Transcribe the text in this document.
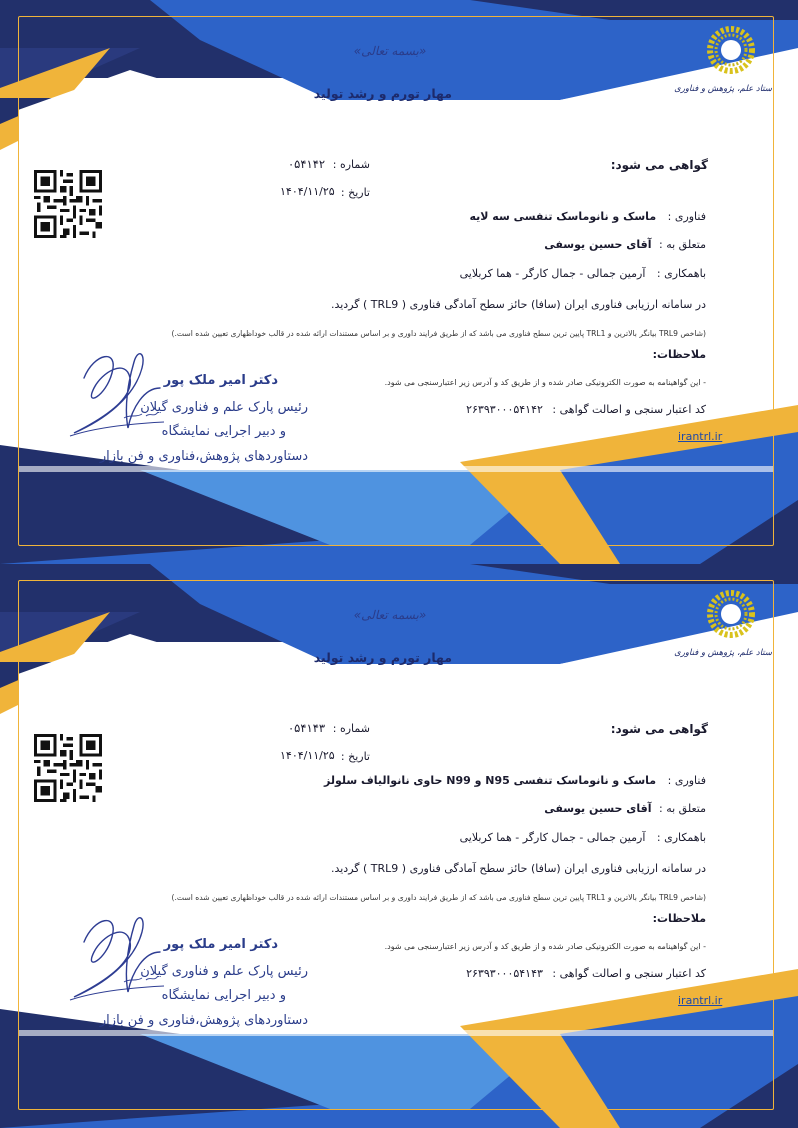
«بسمه تعالی»
مهار تورم و رشد تولید	ستاد علم، پژوهش و فناوری
شماره :
۰۵۴۱۴۲
تاریخ :
۱۴۰۴/۱۱/۲۵
گواهی می شود:
فناوری : ماسک و نانوماسک تنفسی سه لایه
متعلق به : آقای حسین یوسفی
باهمکاری : آرمین جمالی - جمال کارگر - هما کربلایی
در سامانه ارزیابی فناوری ایران (سافا) حائز سطح آمادگی فناوری ( TRL9 ) گردید.
(شاخص TRL9 بیانگر بالاترین و TRL1 پایین ترین سطح فناوری می باشد که از طریق فرایند داوری و بر اساس مستندات ارائه شده در قالب خوداظهاری تعیین شده است.)
ملاحظات:
- این گواهینامه به صورت الکترونیکی صادر شده و از طریق کد و آدرس زیر اعتبارسنجی می شود.
کد اعتبار سنجی و اصالت گواهی : ۲۶۳۹۳۰۰۰۵۴۱۴۲
irantrl.ir
دکتر امیر ملک پور
رئیس پارک علم و فناوری گیلان
و دبیر اجرایی نمایشگاه
دستاوردهای پژوهش،فناوری و فن بازار
«بسمه تعالی»
مهار تورم و رشد تولید	ستاد علم، پژوهش و فناوری
شماره :
۰۵۴۱۴۳
تاریخ :
۱۴۰۴/۱۱/۲۵
گواهی می شود:
فناوری : ماسک و نانوماسک تنفسی N95 و N99 حاوی نانوالیاف سلولز
متعلق به : آقای حسین یوسفی
باهمکاری : آرمین جمالی - جمال کارگر - هما کربلایی
در سامانه ارزیابی فناوری ایران (سافا) حائز سطح آمادگی فناوری ( TRL9 ) گردید.
(شاخص TRL9 بیانگر بالاترین و TRL1 پایین ترین سطح فناوری می باشد که از طریق فرایند داوری و بر اساس مستندات ارائه شده در قالب خوداظهاری تعیین شده است.)
ملاحظات:
- این گواهینامه به صورت الکترونیکی صادر شده و از طریق کد و آدرس زیر اعتبارسنجی می شود.
کد اعتبار سنجی و اصالت گواهی : ۲۶۳۹۳۰۰۰۵۴۱۴۳
irantrl.ir
دکتر امیر ملک پور
رئیس پارک علم و فناوری گیلان
و دبیر اجرایی نمایشگاه
دستاوردهای پژوهش،فناوری و فن بازار
